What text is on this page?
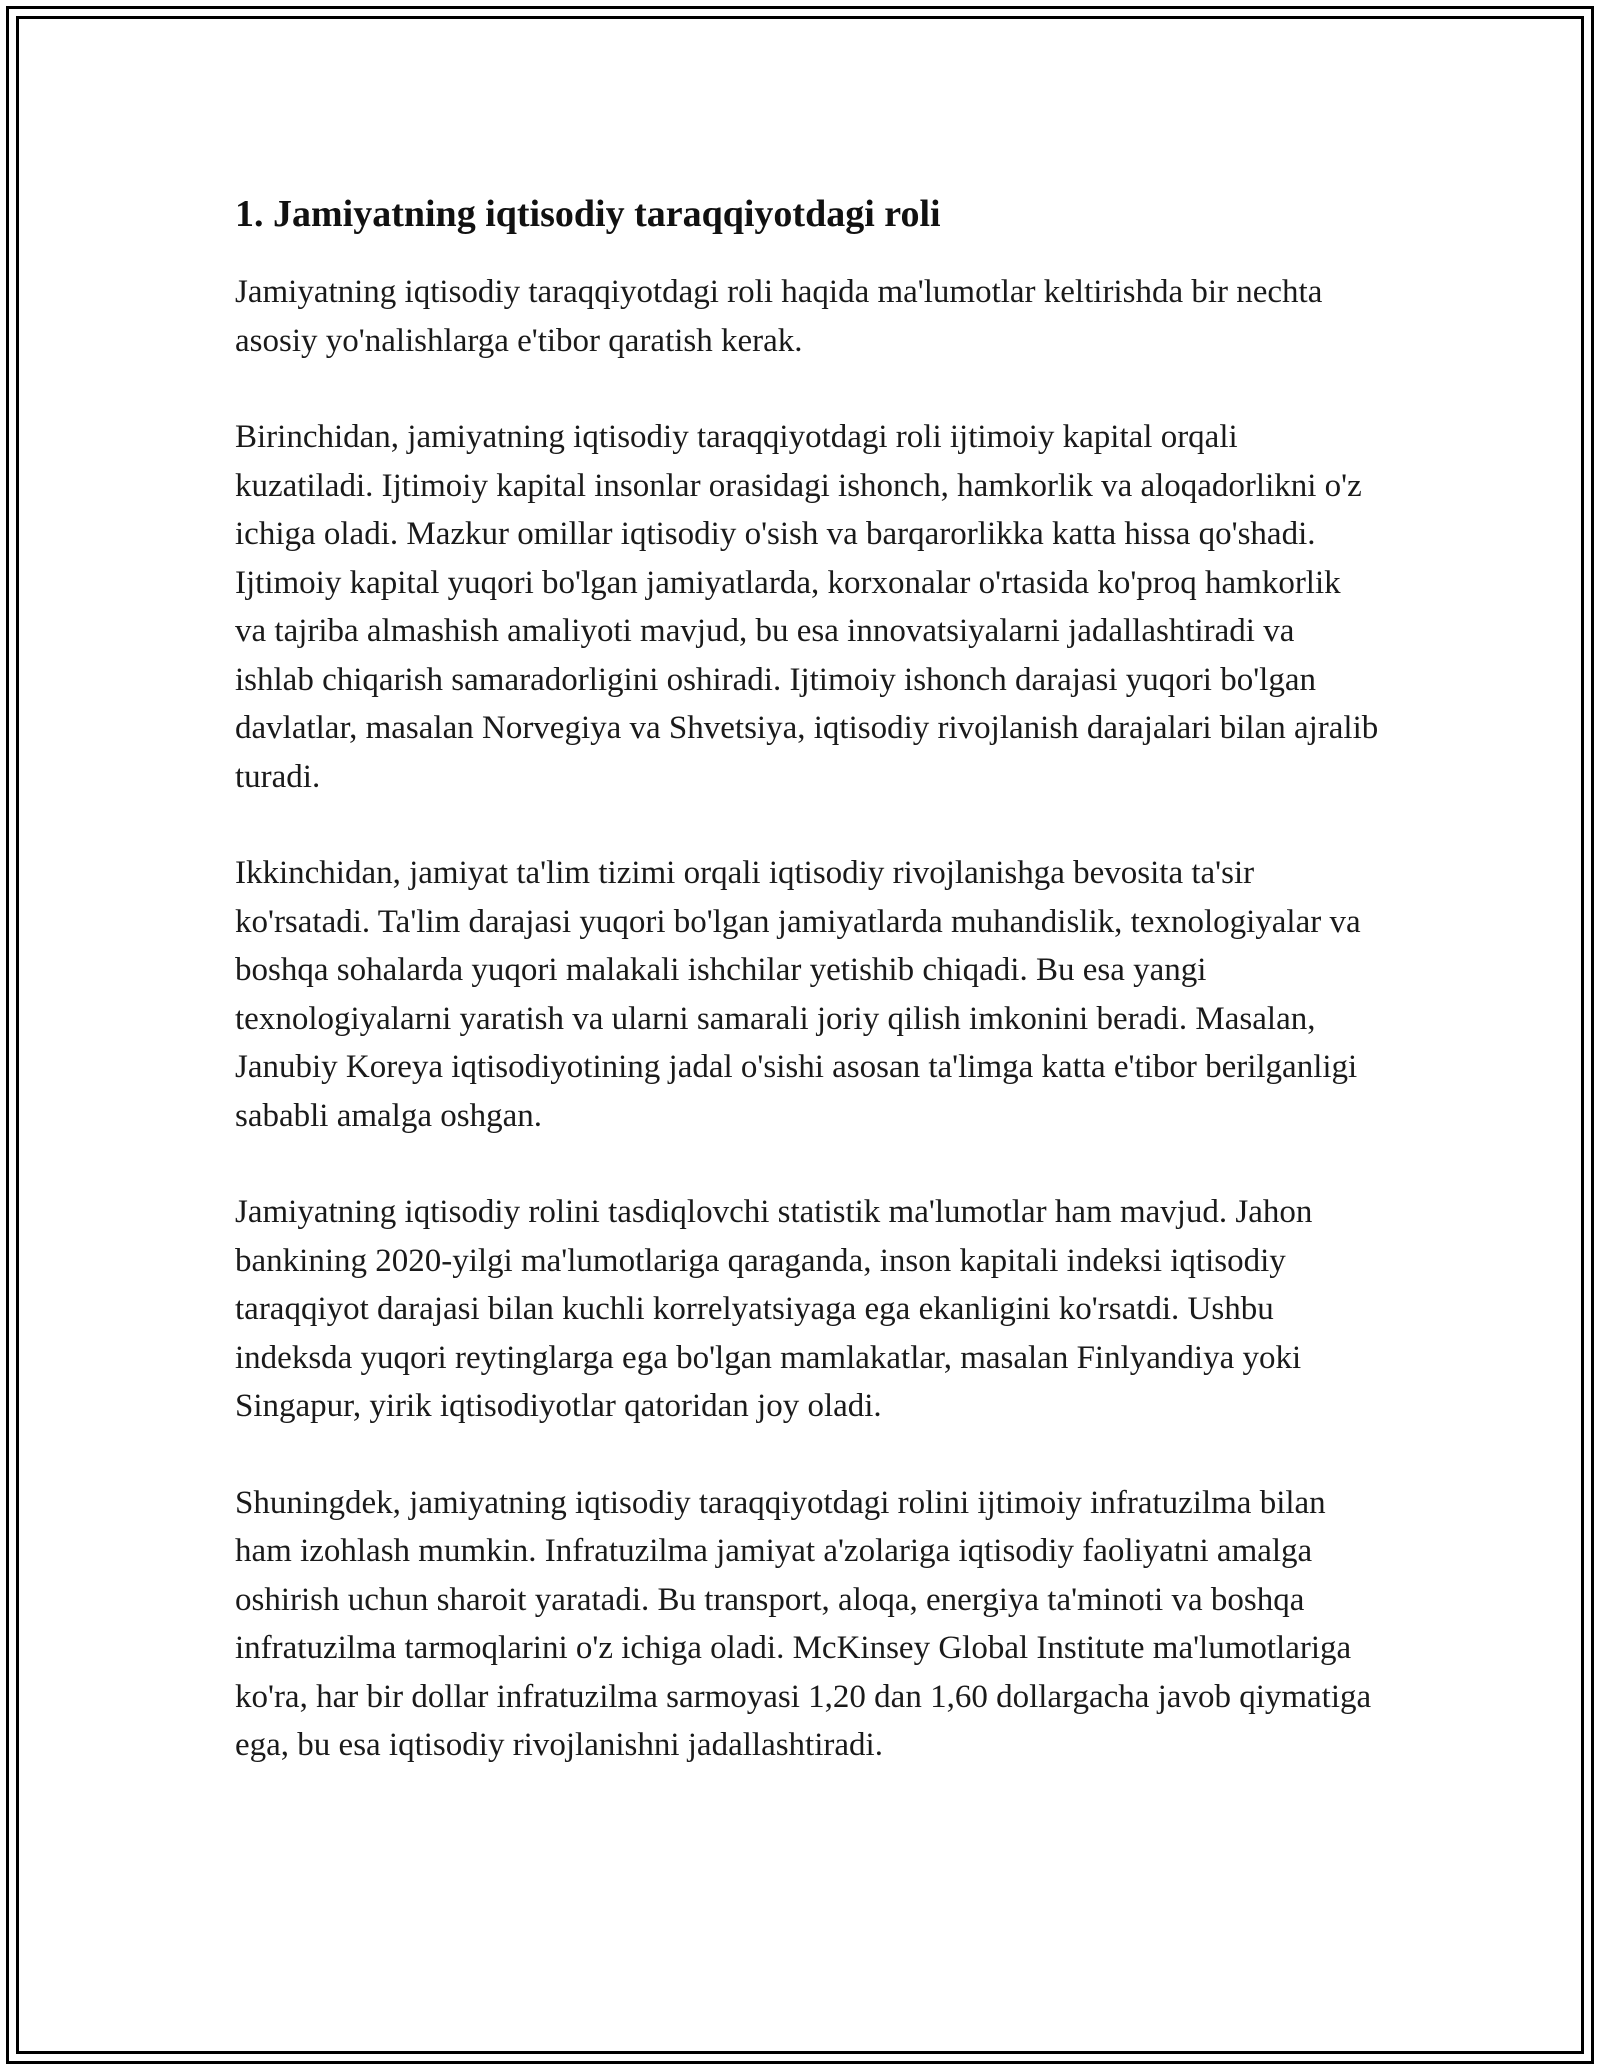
1. Jamiyatning iqtisodiy taraqqiyotdagi roli

Jamiyatning iqtisodiy taraqqiyotdagi roli haqida ma'lumotlar keltirishda bir nechta asosiy yo'nalishlarga e'tibor qaratish kerak.

Birinchidan, jamiyatning iqtisodiy taraqqiyotdagi roli ijtimoiy kapital orqali kuzatiladi. Ijtimoiy kapital insonlar orasidagi ishonch, hamkorlik va aloqadorlikni o'z ichiga oladi. Mazkur omillar iqtisodiy o'sish va barqarorlikka katta hissa qo'shadi. Ijtimoiy kapital yuqori bo'lgan jamiyatlarda, korxonalar o'rtasida ko'proq hamkorlik va tajriba almashish amaliyoti mavjud, bu esa innovatsiyalarni jadallashtiradi va ishlab chiqarish samaradorligini oshiradi. Ijtimoiy ishonch darajasi yuqori bo'lgan davlatlar, masalan Norvegiya va Shvetsiya, iqtisodiy rivojlanish darajalari bilan ajralib turadi.

Ikkinchidan, jamiyat ta'lim tizimi orqali iqtisodiy rivojlanishga bevosita ta'sir ko'rsatadi. Ta'lim darajasi yuqori bo'lgan jamiyatlarda muhandislik, texnologiyalar va boshqa sohalarda yuqori malakali ishchilar yetishib chiqadi. Bu esa yangi texnologiyalarni yaratish va ularni samarali joriy qilish imkonini beradi. Masalan, Janubiy Koreya iqtisodiyotining jadal o'sishi asosan ta'limga katta e'tibor berilganligi sababli amalga oshgan.

Jamiyatning iqtisodiy rolini tasdiqlovchi statistik ma'lumotlar ham mavjud. Jahon bankining 2020-yilgi ma'lumotlariga qaraganda, inson kapitali indeksi iqtisodiy taraqqiyot darajasi bilan kuchli korrelyatsiyaga ega ekanligini ko'rsatdi. Ushbu indeksda yuqori reytinglarga ega bo'lgan mamlakatlar, masalan Finlyandiya yoki Singapur, yirik iqtisodiyotlar qatoridan joy oladi.

Shuningdek, jamiyatning iqtisodiy taraqqiyotdagi rolini ijtimoiy infratuzilma bilan ham izohlash mumkin. Infratuzilma jamiyat a'zolariga iqtisodiy faoliyatni amalga oshirish uchun sharoit yaratadi. Bu transport, aloqa, energiya ta'minoti va boshqa infratuzilma tarmoqlarini o'z ichiga oladi. McKinsey Global Institute ma'lumotlariga ko'ra, har bir dollar infratuzilma sarmoyasi 1,20 dan 1,60 dollargacha javob qiymatiga ega, bu esa iqtisodiy rivojlanishni jadallashtiradi.
